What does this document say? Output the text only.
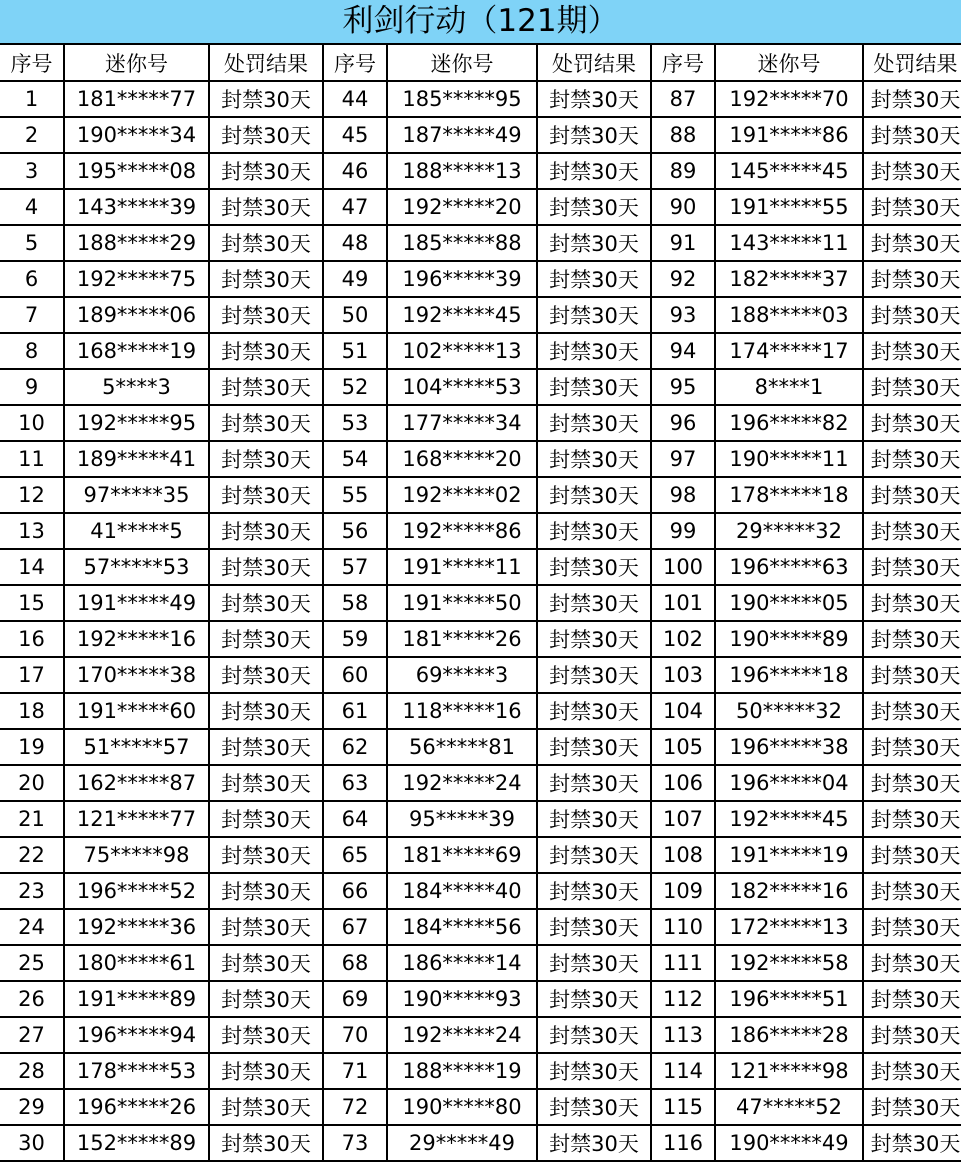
利剑行动（121期）
序号	迷你号	处罚结果	序号	迷你号	处罚结果	序号	迷你号	处罚结果
1	181*****77	封禁30天	44	185*****95	封禁30天	87	192*****70	封禁30天
2	190*****34	封禁30天	45	187*****49	封禁30天	88	191*****86	封禁30天
3	195*****08	封禁30天	46	188*****13	封禁30天	89	145*****45	封禁30天
4	143*****39	封禁30天	47	192*****20	封禁30天	90	191*****55	封禁30天
5	188*****29	封禁30天	48	185*****88	封禁30天	91	143*****11	封禁30天
6	192*****75	封禁30天	49	196*****39	封禁30天	92	182*****37	封禁30天
7	189*****06	封禁30天	50	192*****45	封禁30天	93	188*****03	封禁30天
8	168*****19	封禁30天	51	102*****13	封禁30天	94	174*****17	封禁30天
9	5****3	封禁30天	52	104*****53	封禁30天	95	8****1	封禁30天
10	192*****95	封禁30天	53	177*****34	封禁30天	96	196*****82	封禁30天
11	189*****41	封禁30天	54	168*****20	封禁30天	97	190*****11	封禁30天
12	97*****35	封禁30天	55	192*****02	封禁30天	98	178*****18	封禁30天
13	41*****5	封禁30天	56	192*****86	封禁30天	99	29*****32	封禁30天
14	57*****53	封禁30天	57	191*****11	封禁30天	100	196*****63	封禁30天
15	191*****49	封禁30天	58	191*****50	封禁30天	101	190*****05	封禁30天
16	192*****16	封禁30天	59	181*****26	封禁30天	102	190*****89	封禁30天
17	170*****38	封禁30天	60	69*****3	封禁30天	103	196*****18	封禁30天
18	191*****60	封禁30天	61	118*****16	封禁30天	104	50*****32	封禁30天
19	51*****57	封禁30天	62	56*****81	封禁30天	105	196*****38	封禁30天
20	162*****87	封禁30天	63	192*****24	封禁30天	106	196*****04	封禁30天
21	121*****77	封禁30天	64	95*****39	封禁30天	107	192*****45	封禁30天
22	75*****98	封禁30天	65	181*****69	封禁30天	108	191*****19	封禁30天
23	196*****52	封禁30天	66	184*****40	封禁30天	109	182*****16	封禁30天
24	192*****36	封禁30天	67	184*****56	封禁30天	110	172*****13	封禁30天
25	180*****61	封禁30天	68	186*****14	封禁30天	111	192*****58	封禁30天
26	191*****89	封禁30天	69	190*****93	封禁30天	112	196*****51	封禁30天
27	196*****94	封禁30天	70	192*****24	封禁30天	113	186*****28	封禁30天
28	178*****53	封禁30天	71	188*****19	封禁30天	114	121*****98	封禁30天
29	196*****26	封禁30天	72	190*****80	封禁30天	115	47*****52	封禁30天
30	152*****89	封禁30天	73	29*****49	封禁30天	116	190*****49	封禁30天
